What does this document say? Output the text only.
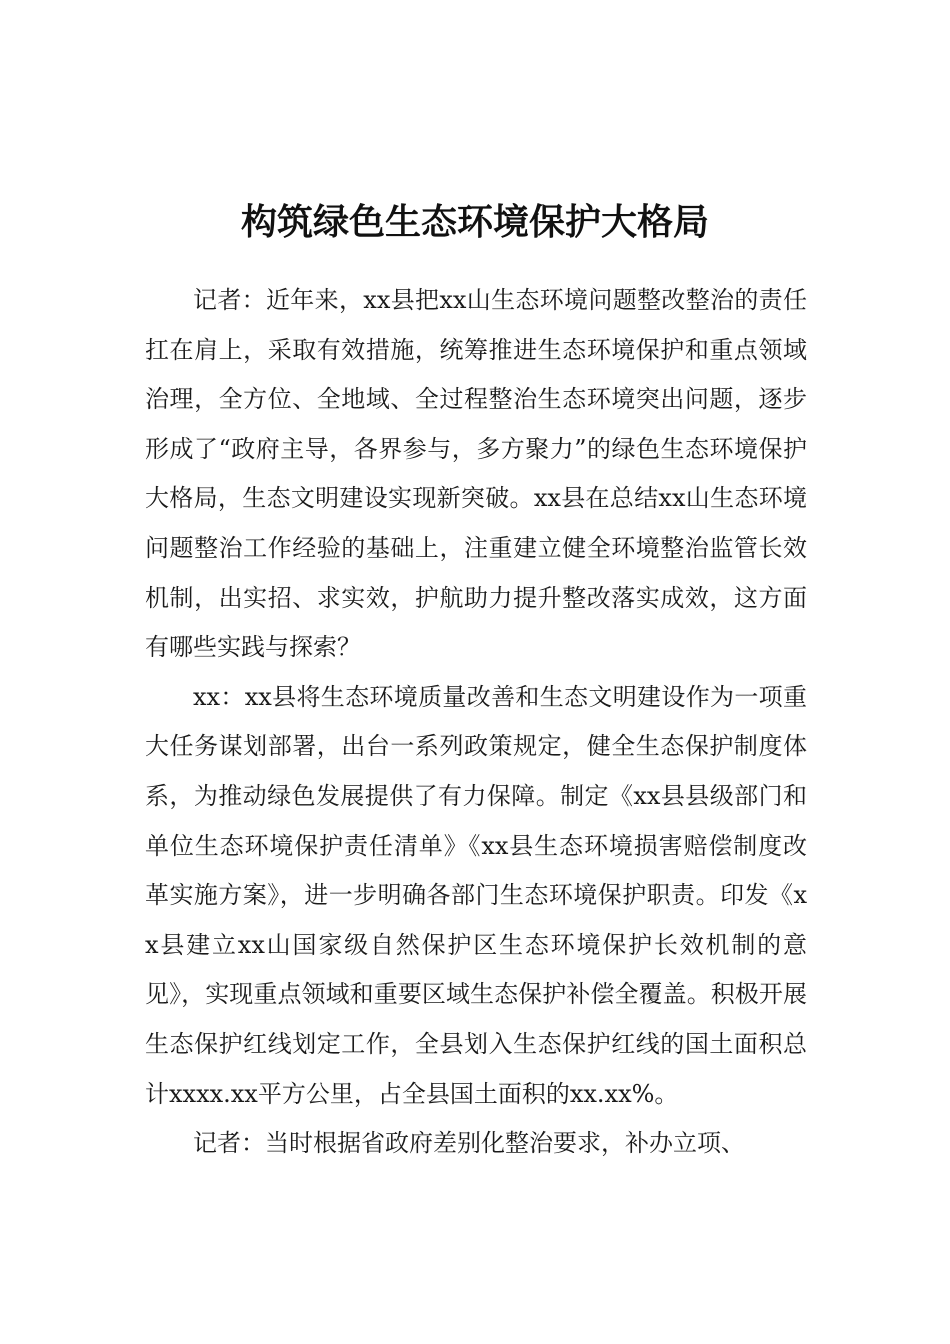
构筑绿色生态环境保护大格局

记者：近年来，xx县把xx山生态环境问题整改整治的责任扛在肩上，采取有效措施，统筹推进生态环境保护和重点领域治理，全方位、全地域、全过程整治生态环境突出问题，逐步形成了“政府主导，各界参与，多方聚力”的绿色生态环境保护大格局，生态文明建设实现新突破。xx县在总结xx山生态环境问题整治工作经验的基础上，注重建立健全环境整治监管长效机制，出实招、求实效，护航助力提升整改落实成效，这方面有哪些实践与探索？

xx：xx县将生态环境质量改善和生态文明建设作为一项重大任务谋划部署，出台一系列政策规定，健全生态保护制度体系，为推动绿色发展提供了有力保障。制定《xx县县级部门和单位生态环境保护责任清单》《xx县生态环境损害赔偿制度改革实施方案》，进一步明确各部门生态环境保护职责。印发《xx县建立xx山国家级自然保护区生态环境保护长效机制的意见》，实现重点领域和重要区域生态保护补偿全覆盖。积极开展生态保护红线划定工作，全县划入生态保护红线的国土面积总计xxxx.xx平方公里，占全县国土面积的xx.xx%。

记者：当时根据省政府差别化整治要求，补办立项、
